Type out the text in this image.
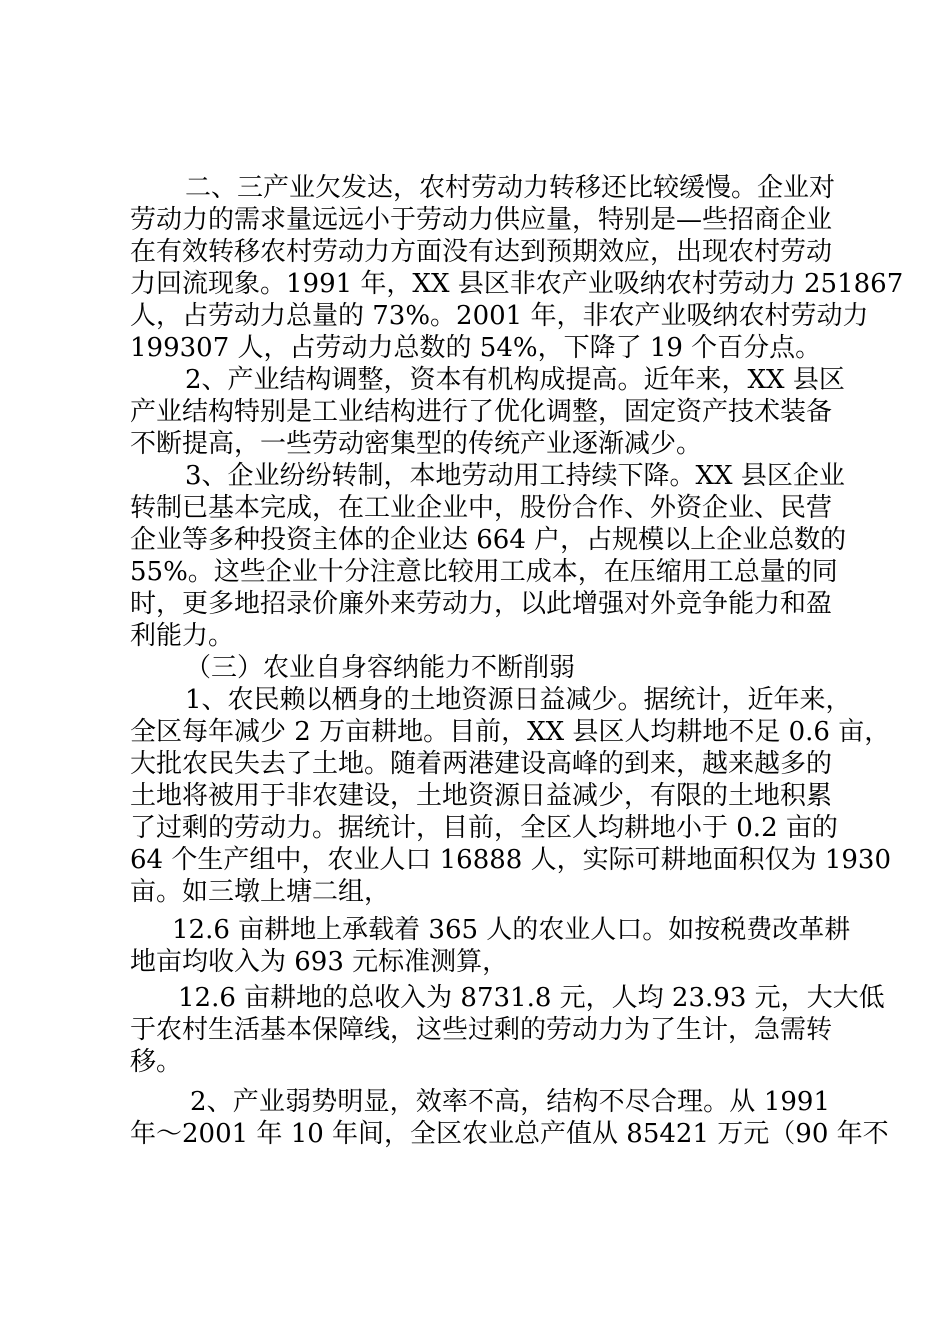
二、三产业欠发达，农村劳动力转移还比较缓慢。企业对

劳动力的需求量远远小于劳动力供应量，特别是—些招商企业

在有效转移农村劳动力方面没有达到预期效应，出现农村劳动

力回流现象。1991 年，XX 县区非农产业吸纳农村劳动力 251867

人，占劳动力总量的 73%。2001 年，非农产业吸纳农村劳动力

199307 人，占劳动力总数的 54%，下降了 19 个百分点。

2、产业结构调整，资本有机构成提高。近年来，XX 县区

产业结构特别是工业结构进行了优化调整，固定资产技术装备

不断提高，一些劳动密集型的传统产业逐渐减少。

3、企业纷纷转制，本地劳动用工持续下降。XX 县区企业

转制已基本完成，在工业企业中，股份合作、外资企业、民营

企业等多种投资主体的企业达 664 户，占规模以上企业总数的

55%。这些企业十分注意比较用工成本，在压缩用工总量的同

时，更多地招录价廉外来劳动力，以此增强对外竞争能力和盈

利能力。

（三）农业自身容纳能力不断削弱

1、农民赖以栖身的土地资源日益减少。据统计，近年来，

全区每年减少 2 万亩耕地。目前，XX 县区人均耕地不足 0.6 亩，

大批农民失去了土地。随着两港建设高峰的到来，越来越多的

土地将被用于非农建设，土地资源日益减少，有限的土地积累

了过剩的劳动力。据统计，目前，全区人均耕地小于 0.2 亩的

64 个生产组中，农业人口 16888 人，实际可耕地面积仅为 1930

亩。如三墩上塘二组，

12.6 亩耕地上承载着 365 人的农业人口。如按税费改革耕

地亩均收入为 693 元标准测算，

12.6 亩耕地的总收入为 8731.8 元，人均 23.93 元，大大低

于农村生活基本保障线，这些过剩的劳动力为了生计，急需转

移。

2、产业弱势明显，效率不高，结构不尽合理。从 1991

年～2001 年 10 年间，全区农业总产值从 85421 万元（90 年不
